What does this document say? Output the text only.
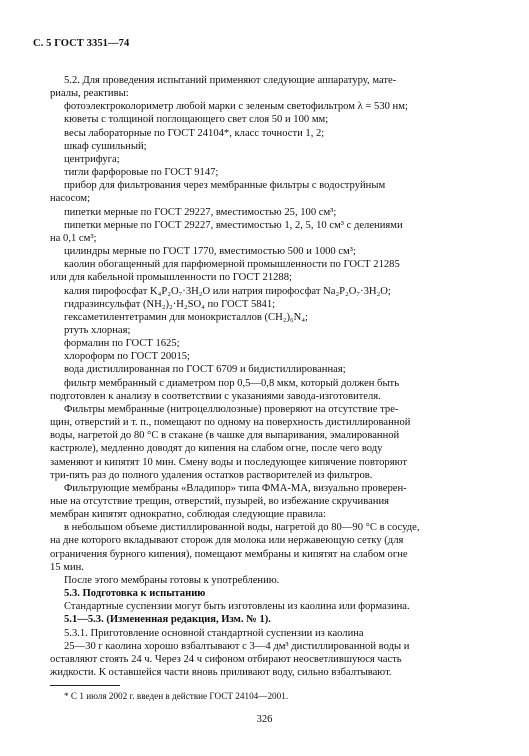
С. 5 ГОСТ 3351—74
5.2. Для проведения испытаний применяют следующие аппаратуру, мате-
риалы, реактивы:
фотоэлектроколориметр любой марки с зеленым светофильтром λ = 530 нм;
кюветы с толщиной поглощающего свет слоя 50 и 100 мм;
весы лабораторные по ГОСТ 24104*, класс точности 1, 2;
шкаф сушильный;
центрифуга;
тигли фарфоровые по ГОСТ 9147;
прибор для фильтрования через мембранные фильтры с водоструйным
насосом;
пипетки мерные по ГОСТ 29227, вместимостью 25, 100 см³;
пипетки мерные по ГОСТ 29227, вместимостью 1, 2, 5, 10 см³ с делениями
на 0,1 см³;
цилиндры мерные по ГОСТ 1770, вместимостью 500 и 1000 см³;
каолин обогащенный для парфюмерной промышленности по ГОСТ 21285
или для кабельной промышленности по ГОСТ 21288;
калия пирофосфат K₄P₂O₇·3H₂O или натрия пирофосфат Na₂P₂O₇·3H₂O;
гидразинсульфат (NH₂)₂·H₂SO₄ по ГОСТ 5841;
гексаметилентетрамин для монокристаллов (CH₂)₆N₄;
ртуть хлорная;
формалин по ГОСТ 1625;
хлороформ по ГОСТ 20015;
вода дистиллированная по ГОСТ 6709 и бидистиллированная;
фильтр мембранный с диаметром пор 0,5—0,8 мкм, который должен быть
подготовлен к анализу в соответствии с указаниями завода-изготовителя.
Фильтры мембранные (нитроцеллюлозные) проверяют на отсутствие тре-
щин, отверстий и т. п., помещают по одному на поверхность дистиллированной
воды, нагретой до 80 °С в стакане (в чашке для выпаривания, эмалированной
кастрюле), медленно доводят до кипения на слабом огне, после чего воду
заменяют и кипятят 10 мин. Смену воды и последующее кипячение повторяют
три-пять раз до полного удаления остатков растворителей из фильтров.
Фильтрующие мембраны «Владипор» типа ФМА-МА, визуально проверен-
ные на отсутствие трещин, отверстий, пузырей, во избежание скручивания
мембран кипятят однократно, соблюдая следующие правила:
в небольшом объеме дистиллированной воды, нагретой до 80—90 °С в сосуде,
на дне которого вкладывают сторож для молока или нержавеющую сетку (для
ограничения бурного кипения), помещают мембраны и кипятят на слабом огне
15 мин.
После этого мембраны готовы к употреблению.
5.3. Подготовка к испытанию
Стандартные суспензии могут быть изготовлены из каолина или формазина.
5.1—5.3. (Измененная редакция, Изм. № 1).
5.3.1. Приготовление основной стандартной суспензии из каолина
25—30 г каолина хорошо взбалтывают с 3—4 дм³ дистиллированной воды и
оставляют стоять 24 ч. Через 24 ч сифоном отбирают неосветлившуюся часть
жидкости. К оставшейся части вновь приливают воду, сильно взбалтывают.
* С 1 июля 2002 г. введен в действие ГОСТ 24104—2001.
326
